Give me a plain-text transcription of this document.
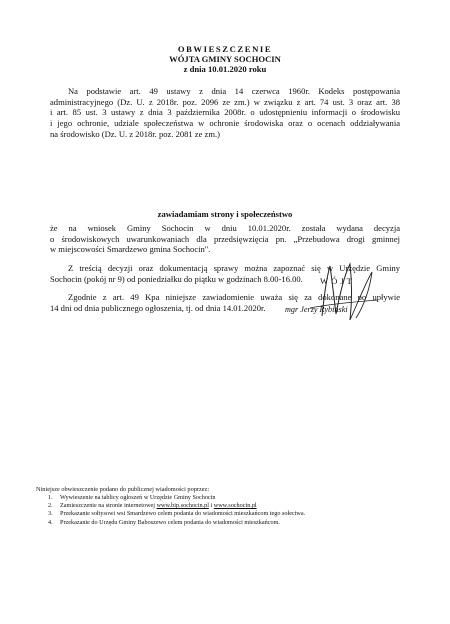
OBWIESZCZENIE
WÓJTA GMINY SOCHOCIN
z dnia 10.01.2020 roku
Na podstawie art. 49 ustawy z dnia 14 czerwca 1960r. Kodeks postępowania
administracyjnego (Dz. U. z 2018r. poz. 2096 ze zm.) w związku z art. 74 ust. 3 oraz art. 38
i art. 85 ust. 3 ustawy z dnia 3 października 2008r. o udostępnieniu informacji o środowisku
i jego ochronie, udziale społeczeństwa w ochronie środowiska oraz o ocenach oddziaływania
na środowisko (Dz. U. z 2018r. poz. 2081 ze zm.)
zawiadamiam strony i społeczeństwo
że na wniosek Gminy Sochocin w dniu 10.01.2020r. została wydana decyzja
o środowiskowych uwarunkowaniach dla przedsięwzięcia pn. „Przebudowa drogi gminnej
w miejscowości Smardzewo gmina Sochocin".
Z treścią decyzji oraz dokumentacją sprawy można zapoznać się w Urzędzie Gminy
Sochocin (pokój nr 9) od poniedziałku do piątku w godzinach 8.00-16.00.
Zgodnie z art. 49 Kpa niniejsze zawiadomienie uważa się za dokonane po upływie
14 dni od dnia publicznego ogłoszenia, tj. od dnia 14.01.2020r.
WÓJT
mgr Jerzy Rybiński
Niniejsze obwieszczenie podano do publicznej wiadomości poprzez:
1. Wywieszenie na tablicy ogłoszeń w Urzędzie Gminy Sochocin
2. Zamieszczenie na stronie internetowej www.bip.sochocin.pl i www.sochocin.pl
3. Przekazanie sołtysowi wsi Smardzewo celem podania do wiadomości mieszkańcom tego sołectwa.
4. Przekazanie do Urzędu Gminy Baboszewo celem podania do wiadomości mieszkańcom.
